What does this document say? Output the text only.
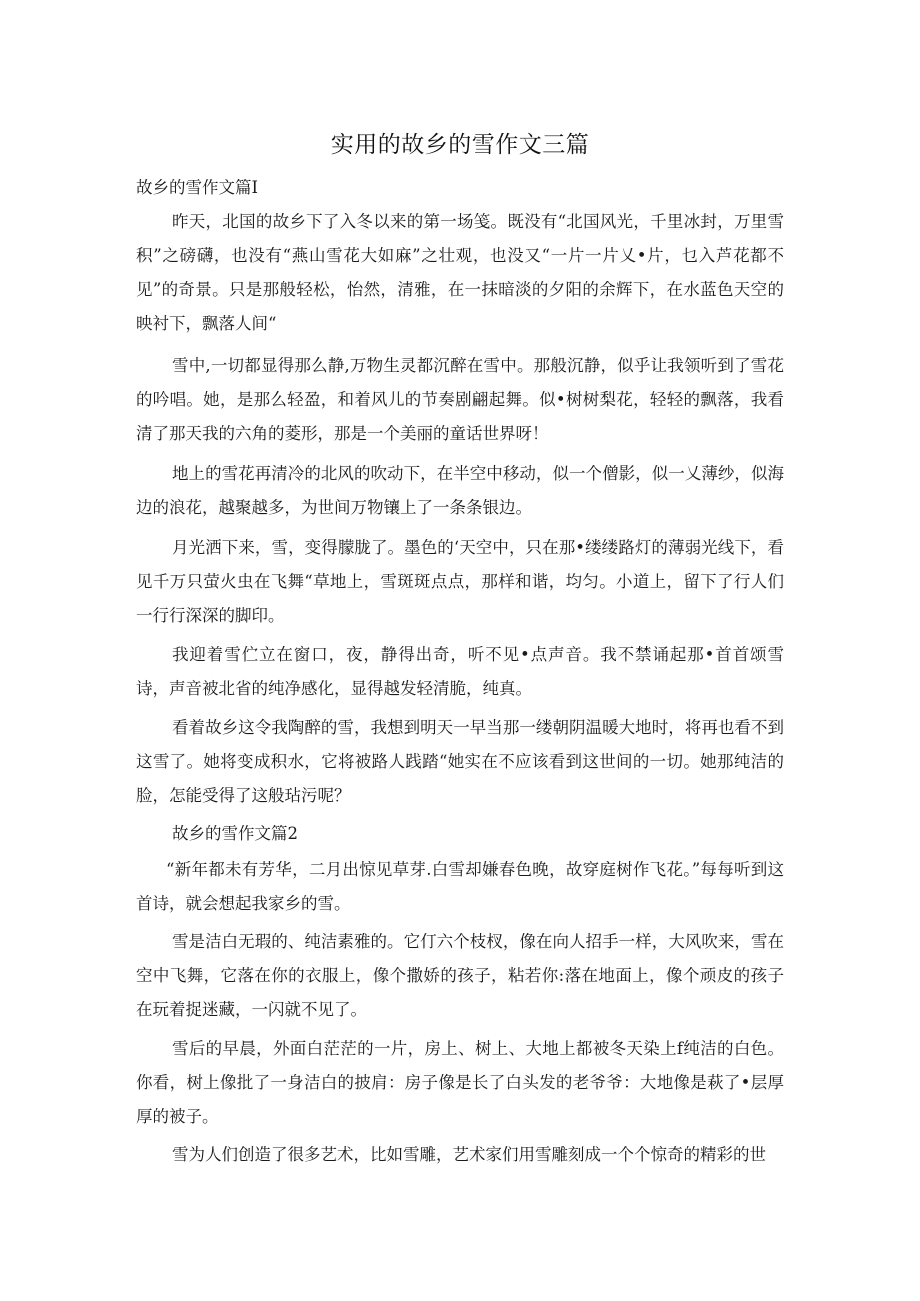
实用的故乡的雪作文三篇
故乡的雪作文篇Ⅰ

昨天，北国的故乡下了入冬以来的第一场笺。既没有“北国风光，千里冰封，万里雪积”之磅礴，也没有“燕山雪花大如麻”之壮观，也没又“一片一片乂•片，乜入芦花都不见”的奇景。只是那般轻松，怡然，清雅，在一抹暗淡的夕阳的余辉下，在水蓝色天空的映衬下，飘落人间“

雪中,一切都显得那么静,万物生灵都沉醉在雪中。那般沉静，似乎让我领听到了雪花的吟唱。她，是那么轻盈，和着风儿的节奏剧翩起舞。似•树树梨花，轻轻的飘落，我看清了那天我的六角的菱形，那是一个美丽的童话世界呀！

地上的雪花再清冷的北风的吹动下，在半空中移动，似一个僧影，似一乂薄纱，似海边的浪花，越聚越多，为世间万物镶上了一条条银边。

月光洒下来，雪，变得朦胧了。墨色的‘天空中，只在那•缕缕路灯的薄弱光线下，看见千万只萤火虫在飞舞“草地上，雪斑斑点点，那样和谐，均匀。小道上，留下了行人们一行行深深的脚印。

我迎着雪伫立在窗口，夜，静得出奇，听不见•点声音。我不禁诵起那•首首颂雪诗，声音被北省的纯净感化，显得越发轻清脆，纯真。

看着故乡这令我陶醉的雪，我想到明天一早当那一缕朝阴温暖大地时，将再也看不到这雪了。她将变成积水，它将被路人践踏“她实在不应该看到这世间的一切。她那纯洁的脸，怎能受得了这般玷污呢？

故乡的雪作文篇2

“新年都未有芳华，二月出惊见草芽.白雪却嫌春色晚，故穿庭树作飞花。”每每听到这首诗，就会想起我家乡的雪。

雪是洁白无瑕的、纯洁素雅的。它仃六个枝杈，像在向人招手一样，大风吹来，雪在空中飞舞，它落在你的衣服上，像个撒娇的孩子，粘若你:落在地面上，像个顽皮的孩子在玩着捉迷藏，一闪就不见了。

雪后的早晨，外面白茫茫的一片，房上、树上、大地上都被冬天染上f纯洁的白色。你看，树上像批了一身洁白的披肩：房子像是长了白头发的老爷爷：大地像是萩了•层厚厚的被子。

雪为人们创造了很多艺术，比如雪雕，艺术家们用雪雕刻成一个个惊奇的精彩的世
